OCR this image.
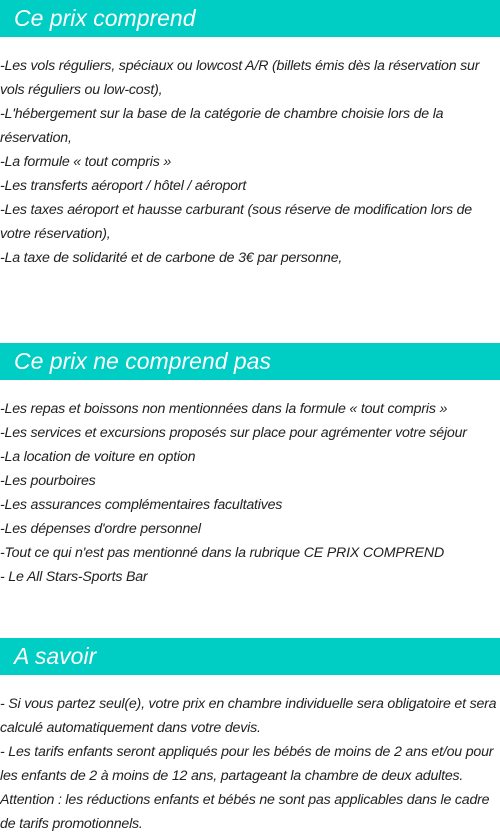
Ce prix comprend

-Les vols réguliers, spéciaux ou lowcost A/R (billets émis dès la réservation sur vols réguliers ou low-cost),

-L'hébergement sur la base de la catégorie de chambre choisie lors de la réservation,

-La formule « tout compris »

-Les transferts aéroport / hôtel / aéroport

-Les taxes aéroport et hausse carburant (sous réserve de modification lors de votre réservation),

-La taxe de solidarité et de carbone de 3€ par personne,

Ce prix ne comprend pas

-Les repas et boissons non mentionnées dans la formule « tout compris »

-Les services et excursions proposés sur place pour agrémenter votre séjour

-La location de voiture en option

-Les pourboires

-Les assurances complémentaires facultatives

-Les dépenses d'ordre personnel

-Tout ce qui n'est pas mentionné dans la rubrique CE PRIX COMPREND

- Le All Stars-Sports Bar

A savoir

- Si vous partez seul(e), votre prix en chambre individuelle sera obligatoire et sera calculé automatiquement dans votre devis.

- Les tarifs enfants seront appliqués pour les bébés de moins de 2 ans et/ou pour les enfants de 2 à moins de 12 ans, partageant la chambre de deux adultes. Attention : les réductions enfants et bébés ne sont pas applicables dans le cadre de tarifs promotionnels.
